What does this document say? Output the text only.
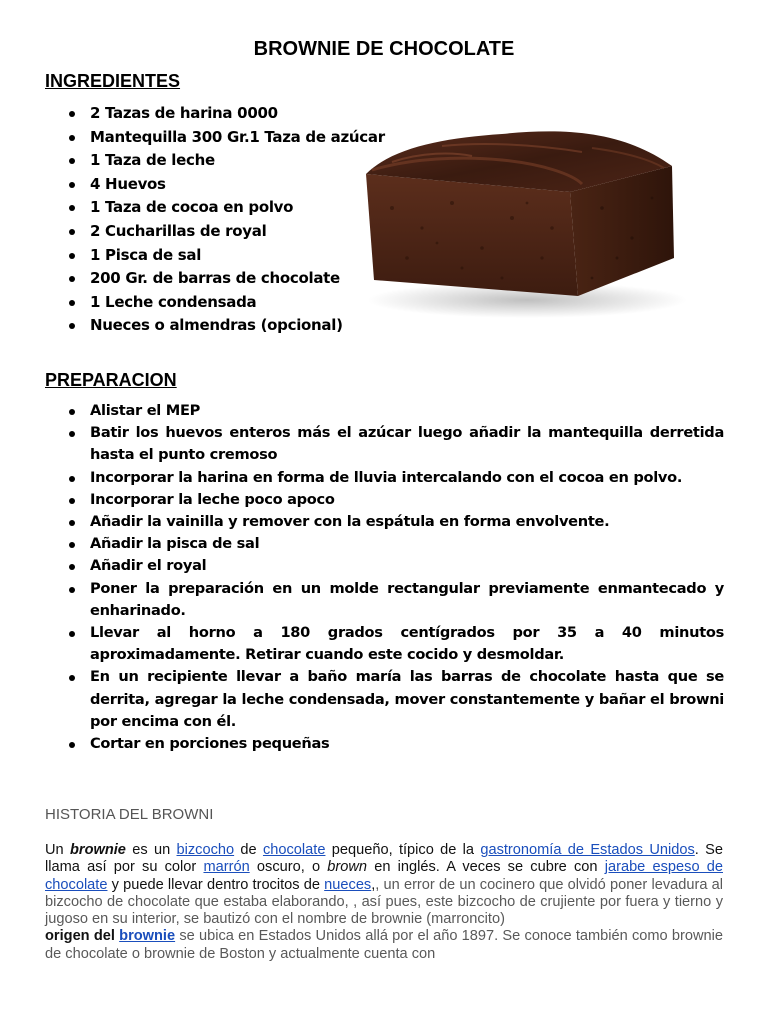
BROWNIE DE CHOCOLATE
INGREDIENTES
2 Tazas de harina 0000
Mantequilla 300 Gr.1 Taza de azúcar
1 Taza de leche
4 Huevos
1 Taza de cocoa en polvo
2 Cucharillas de royal
1 Pisca de sal
200 Gr. de barras de chocolate
1 Leche condensada
Nueces o almendras (opcional)
PREPARACION
Alistar el MEP
Batir los huevos enteros más el azúcar luego añadir la mantequilla derretida hasta el punto cremoso
Incorporar la harina en forma de lluvia intercalando con el cocoa en polvo.
Incorporar la leche poco apoco
Añadir la vainilla y remover con la espátula en forma envolvente.
Añadir la pisca de sal
Añadir el royal
Poner la preparación en un molde rectangular previamente enmantecado y enharinado.
Llevar al horno a 180 grados centígrados por 35 a 40 minutos aproximadamente. Retirar cuando este cocido y desmoldar.
En un recipiente llevar a baño maría las barras de chocolate hasta que se derrita, agregar la leche condensada, mover constantemente y bañar el browni por encima con él.
Cortar en porciones pequeñas
HISTORIA DEL BROWNI
Un brownie es un bizcocho de chocolate pequeño, típico de la gastronomía de Estados Unidos. Se llama así por su color marrón oscuro, o brown en inglés. A veces se cubre con jarabe espeso de chocolate y puede llevar dentro trocitos de nueces,, un error de un cocinero que olvidó poner levadura al bizcocho de chocolate que estaba elaborando, , así pues, este bizcocho de crujiente por fuera y tierno y jugoso en su interior, se bautizó con el nombre de brownie (marroncito)
origen del brownie se ubica en Estados Unidos allá por el año 1897. Se conoce también como brownie de chocolate o brownie de Boston y actualmente cuenta con
